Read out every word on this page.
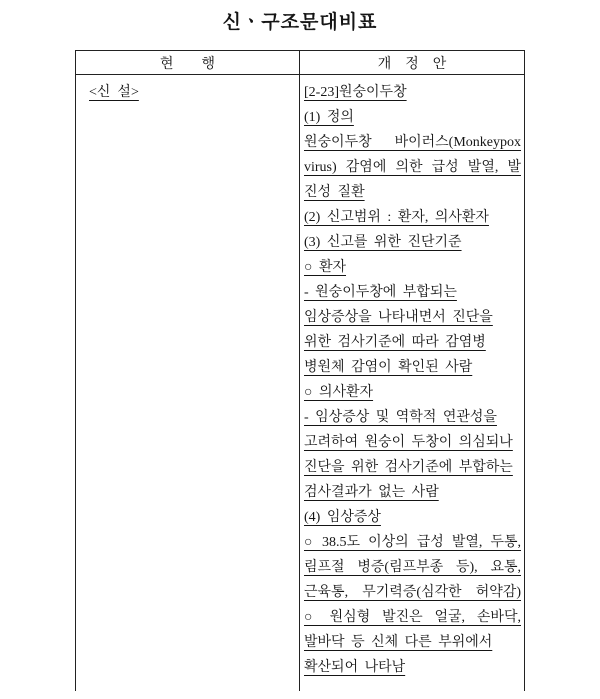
신ㆍ구조문대비표
현        행	개    정    안
<신  설>	[2-23]원숭이두창
(1) 정의
원숭이두창 바이러스(Monkeypox
virus) 감염에 의한 급성 발열, 발
진성 질환
(2) 신고범위 : 환자, 의사환자
(3) 신고를 위한 진단기준
○ 환자
- 원숭이두창에 부합되는
임상증상을 나타내면서 진단을
위한 검사기준에 따라 감염병
병원체 감염이 확인된 사람
○ 의사환자
- 임상증상 및 역학적 연관성을
고려하여 원숭이 두창이 의심되나
진단을 위한 검사기준에 부합하는
검사결과가 없는 사람
(4) 임상증상
○ 38.5도 이상의 급성 발열, 두통,
림프절 병증(림프부종 등), 요통,
근육통, 무기력증(심각한 허약감)
○ 원심형 발진은 얼굴, 손바닥,
발바닥 등 신체 다른 부위에서
확산되어 나타남
